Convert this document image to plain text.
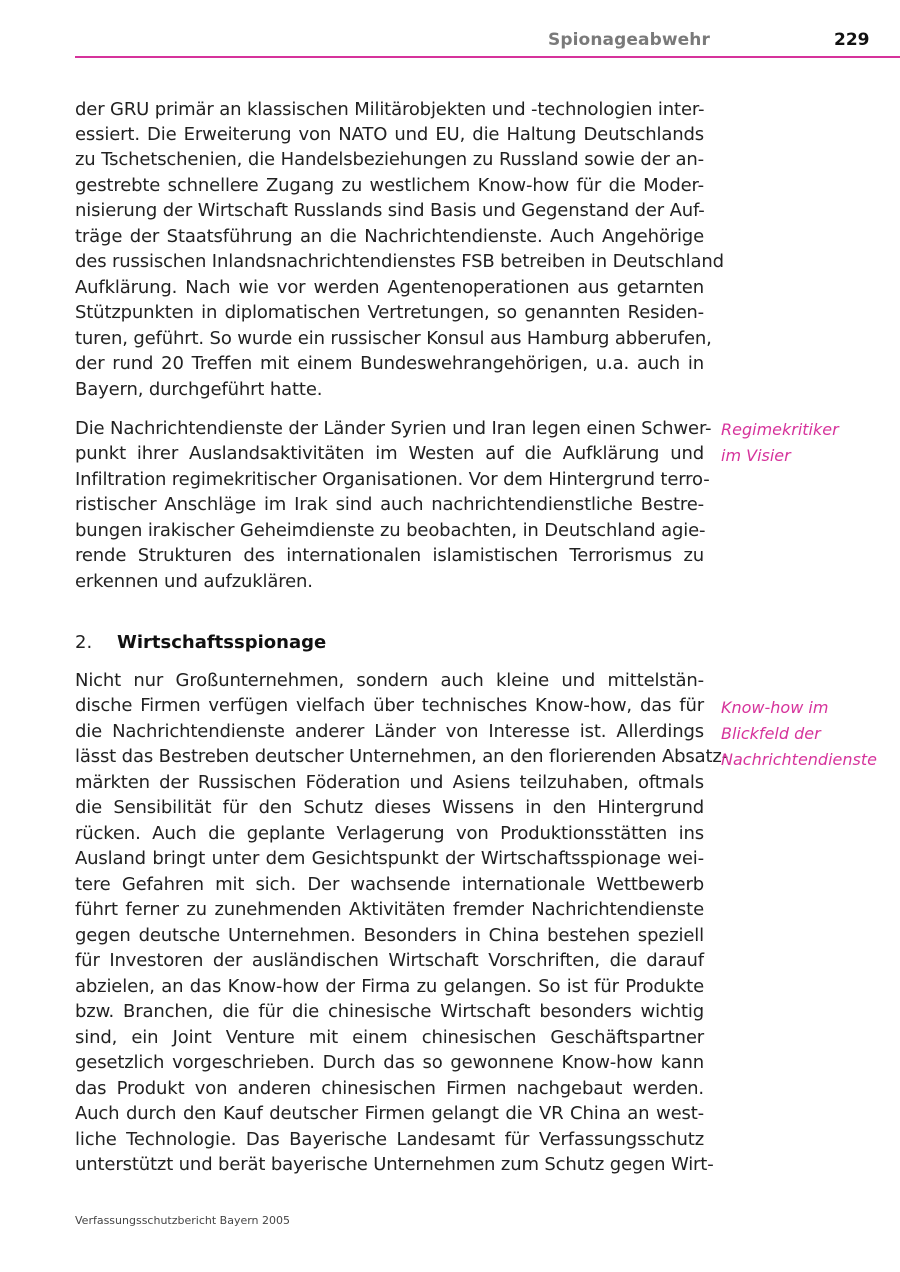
Spionageabwehr	229
der GRU primär an klassischen Militärobjekten und -technologien inter-
essiert. Die Erweiterung von NATO und EU, die Haltung Deutschlands
zu Tschetschenien, die Handelsbeziehungen zu Russland sowie der an-
gestrebte schnellere Zugang zu westlichem Know-how für die Moder-
nisierung der Wirtschaft Russlands sind Basis und Gegenstand der Auf-
träge der Staatsführung an die Nachrichtendienste. Auch Angehörige
des russischen Inlandsnachrichtendienstes FSB betreiben in Deutschland
Aufklärung. Nach wie vor werden Agentenoperationen aus getarnten
Stützpunkten in diplomatischen Vertretungen, so genannten Residen-
turen, geführt. So wurde ein russischer Konsul aus Hamburg abberufen,
der rund 20 Treffen mit einem Bundeswehrangehörigen, u.a. auch in
Bayern, durchgeführt hatte.
Die Nachrichtendienste der Länder Syrien und Iran legen einen Schwer-
punkt ihrer Auslandsaktivitäten im Westen auf die Aufklärung und
Infiltration regimekritischer Organisationen. Vor dem Hintergrund terro-
ristischer Anschläge im Irak sind auch nachrichtendienstliche Bestre-
bungen irakischer Geheimdienste zu beobachten, in Deutschland agie-
rende Strukturen des internationalen islamistischen Terrorismus zu
erkennen und aufzuklären.
Regimekritiker
im Visier
2. Wirtschaftsspionage
Nicht nur Großunternehmen, sondern auch kleine und mittelstän-
dische Firmen verfügen vielfach über technisches Know-how, das für
die Nachrichtendienste anderer Länder von Interesse ist. Allerdings
lässt das Bestreben deutscher Unternehmen, an den florierenden Absatz-
märkten der Russischen Föderation und Asiens teilzuhaben, oftmals
die Sensibilität für den Schutz dieses Wissens in den Hintergrund
rücken. Auch die geplante Verlagerung von Produktionsstätten ins
Ausland bringt unter dem Gesichtspunkt der Wirtschaftsspionage wei-
tere Gefahren mit sich. Der wachsende internationale Wettbewerb
führt ferner zu zunehmenden Aktivitäten fremder Nachrichtendienste
gegen deutsche Unternehmen. Besonders in China bestehen speziell
für Investoren der ausländischen Wirtschaft Vorschriften, die darauf
abzielen, an das Know-how der Firma zu gelangen. So ist für Produkte
bzw. Branchen, die für die chinesische Wirtschaft besonders wichtig
sind, ein Joint Venture mit einem chinesischen Geschäftspartner
gesetzlich vorgeschrieben. Durch das so gewonnene Know-how kann
das Produkt von anderen chinesischen Firmen nachgebaut werden.
Auch durch den Kauf deutscher Firmen gelangt die VR China an west-
liche Technologie. Das Bayerische Landesamt für Verfassungsschutz
unterstützt und berät bayerische Unternehmen zum Schutz gegen Wirt-
Know-how im
Blickfeld der
Nachrichtendienste
Verfassungsschutzbericht Bayern 2005
